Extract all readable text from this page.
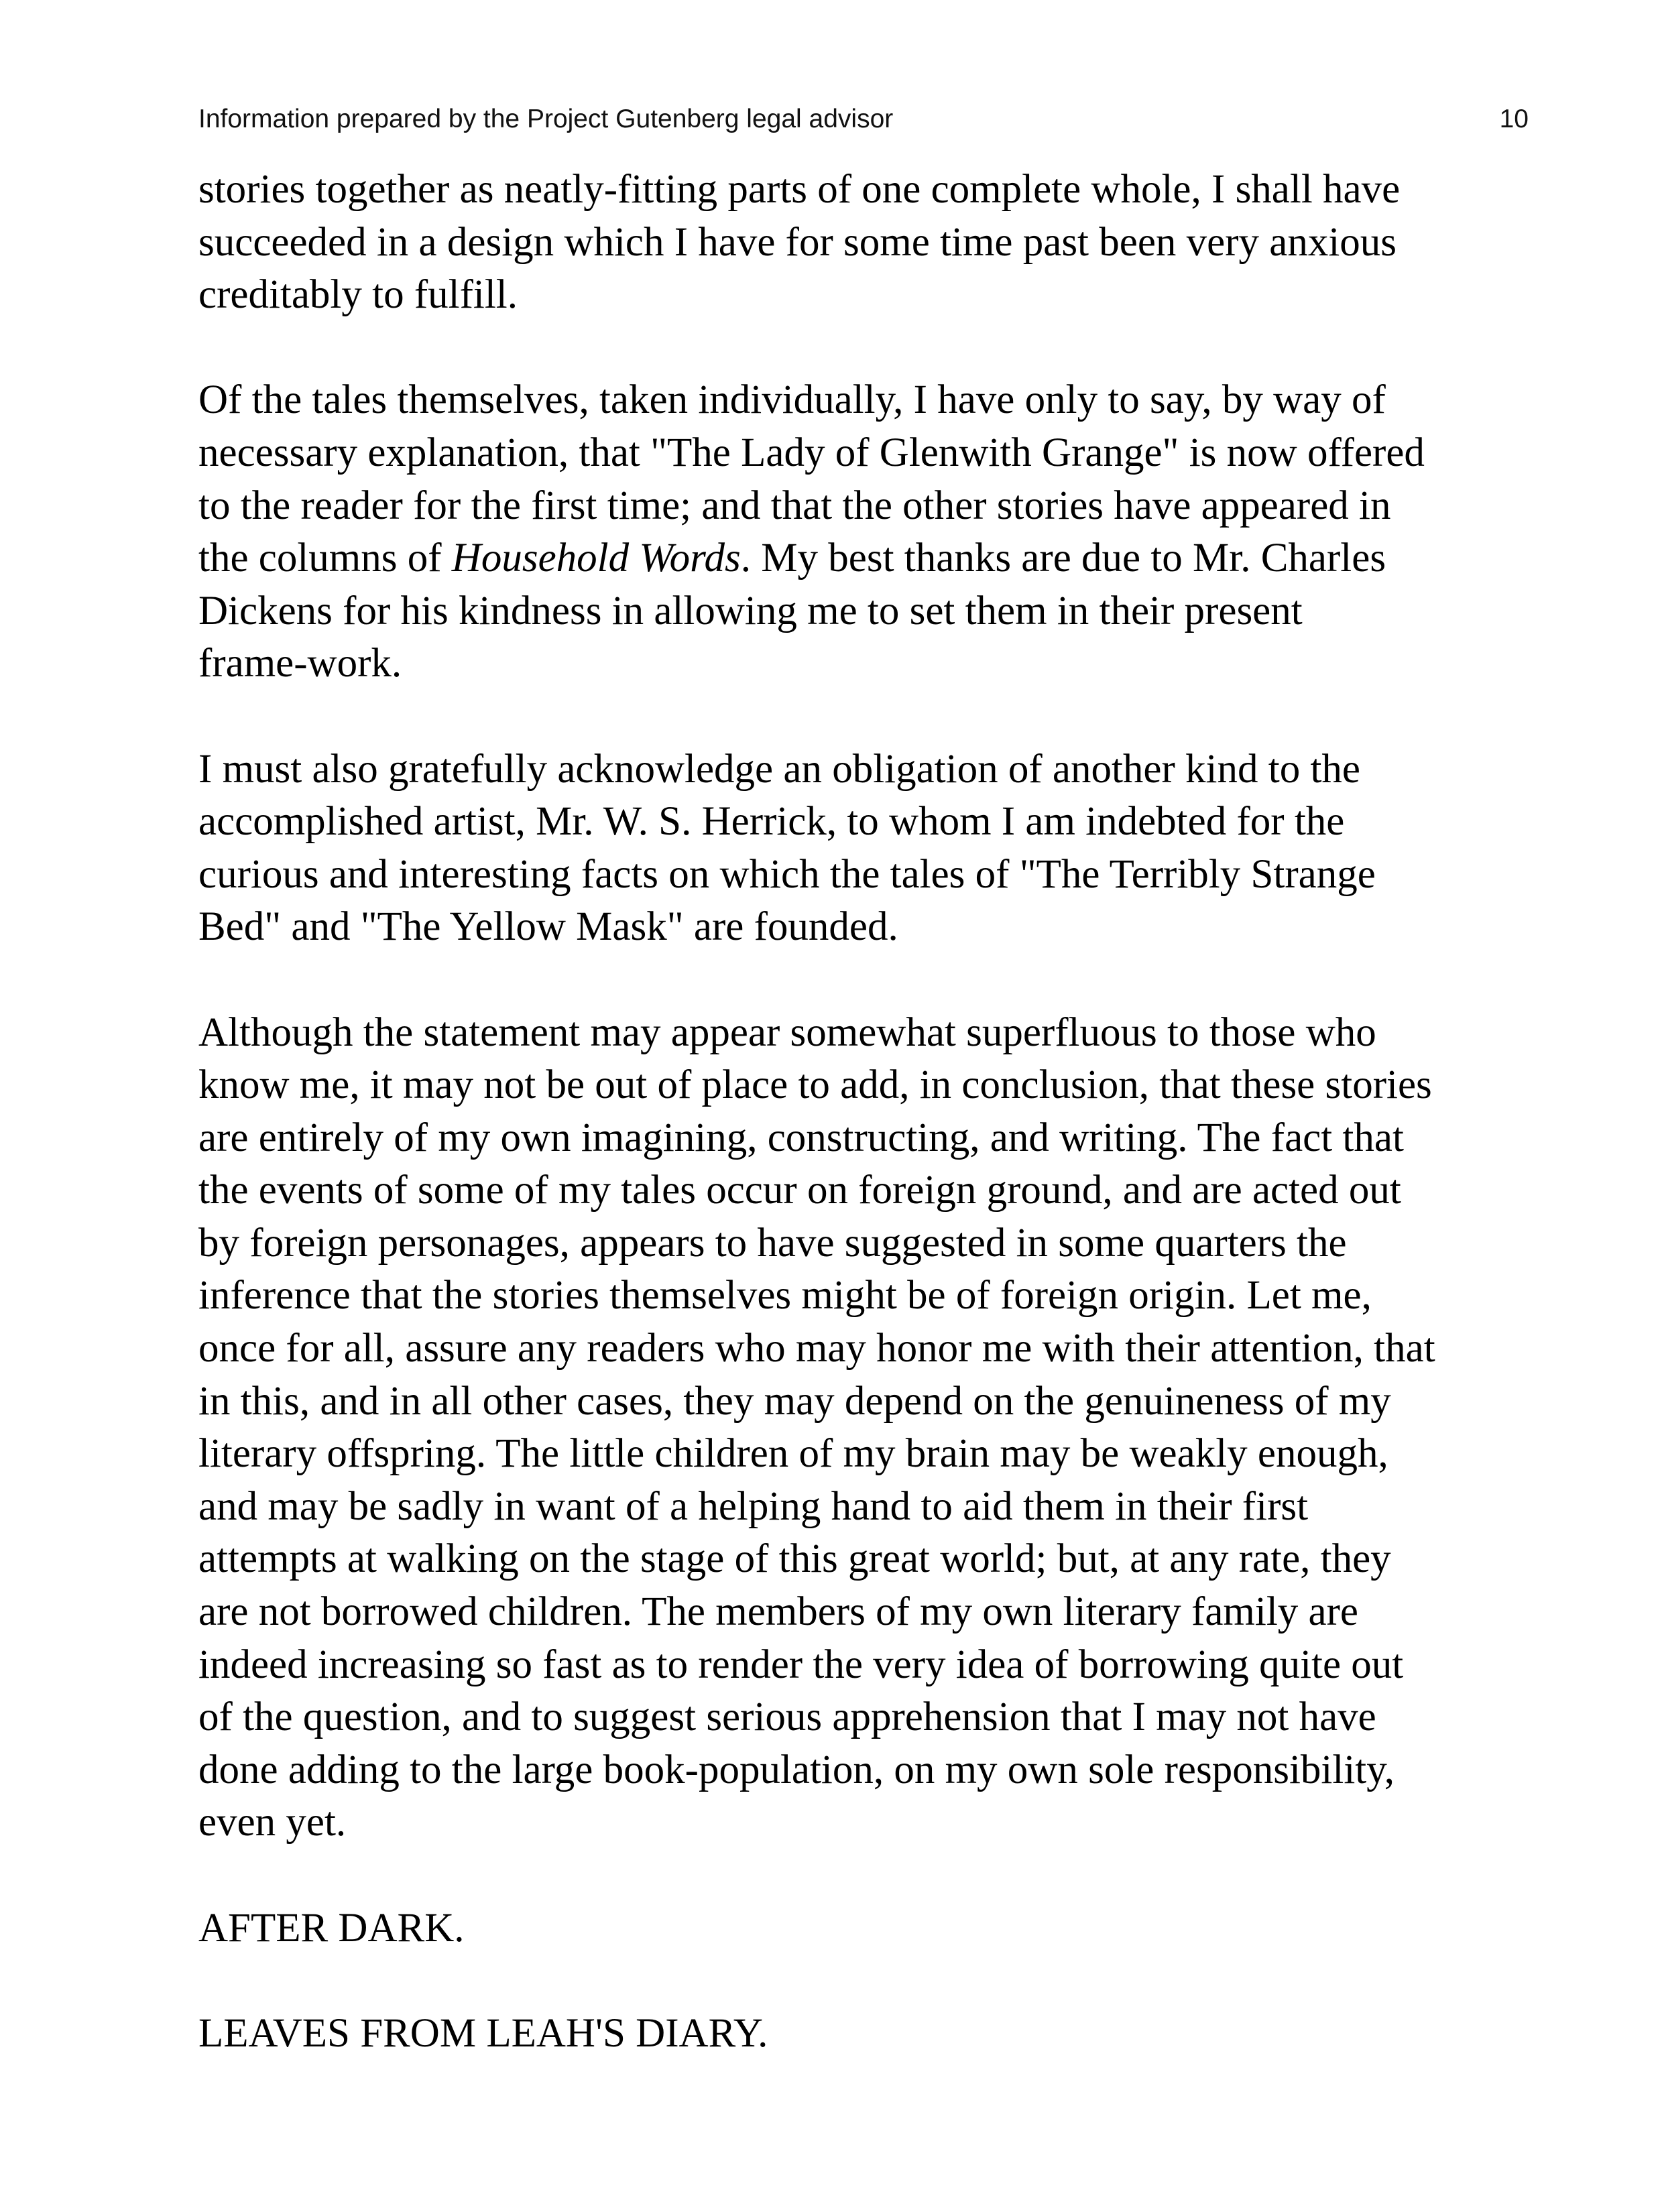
Information prepared by the Project Gutenberg legal advisor	10

stories together as neatly-fitting parts of one complete whole, I shall have
succeeded in a design which I have for some time past been very anxious
creditably to fulfill.

Of the tales themselves, taken individually, I have only to say, by way of
necessary explanation, that "The Lady of Glenwith Grange" is now offered
to the reader for the first time; and that the other stories have appeared in
the columns of Household Words. My best thanks are due to Mr. Charles
Dickens for his kindness in allowing me to set them in their present
frame-work.

I must also gratefully acknowledge an obligation of another kind to the
accomplished artist, Mr. W. S. Herrick, to whom I am indebted for the
curious and interesting facts on which the tales of "The Terribly Strange
Bed" and "The Yellow Mask" are founded.

Although the statement may appear somewhat superfluous to those who
know me, it may not be out of place to add, in conclusion, that these stories
are entirely of my own imagining, constructing, and writing. The fact that
the events of some of my tales occur on foreign ground, and are acted out
by foreign personages, appears to have suggested in some quarters the
inference that the stories themselves might be of foreign origin. Let me,
once for all, assure any readers who may honor me with their attention, that
in this, and in all other cases, they may depend on the genuineness of my
literary offspring. The little children of my brain may be weakly enough,
and may be sadly in want of a helping hand to aid them in their first
attempts at walking on the stage of this great world; but, at any rate, they
are not borrowed children. The members of my own literary family are
indeed increasing so fast as to render the very idea of borrowing quite out
of the question, and to suggest serious apprehension that I may not have
done adding to the large book-population, on my own sole responsibility,
even yet.

AFTER DARK.

LEAVES FROM LEAH'S DIARY.
